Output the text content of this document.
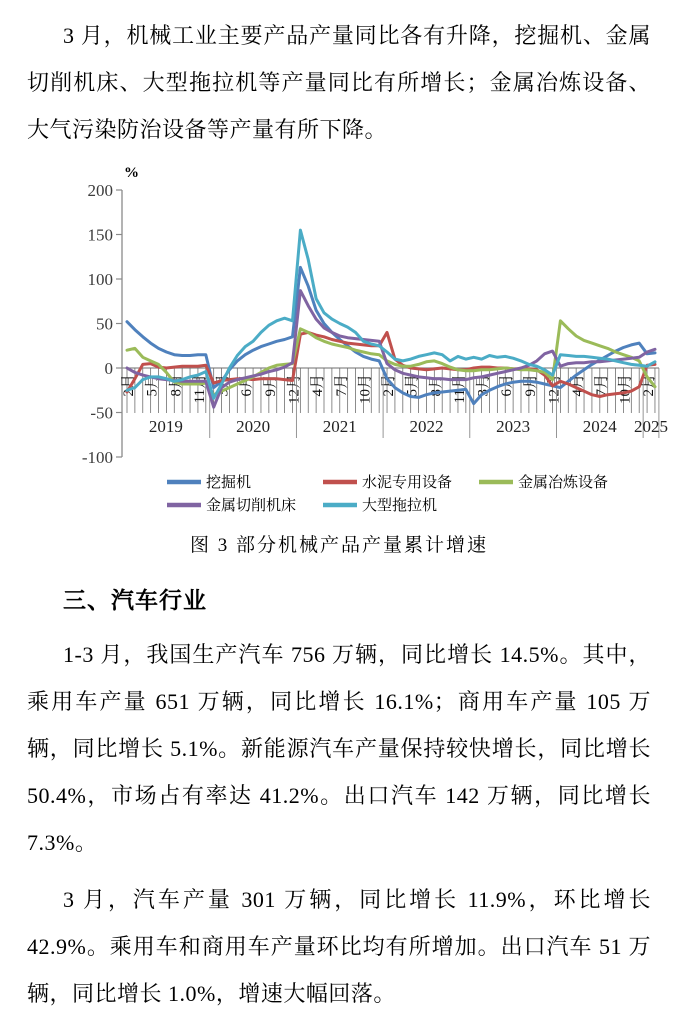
3 月，机械工业主要产品产量同比各有升降，挖掘机、金属切削机床、大型拖拉机等产量同比有所增长；金属冶炼设备、大气污染防治设备等产量有所下降。

200
150
100
50
0
-50
-100
%
2月 5月 8月 11月 3月 6月 9月 12月 4月 7月 10月 2月 5月 8月 11月 3月 6月 9月 12月 4月 7月 10月 2月
2019	2020	2021	2022	2023	2024 2025
挖掘机	水泥专用设备	金属冶炼设备
金属切削机床	大型拖拉机
图 3 部分机械产品产量累计增速
三、汽车行业

1-3 月，我国生产汽车 756 万辆，同比增长 14.5%。其中，乘用车产量 651 万辆，同比增长 16.1%；商用车产量 105 万辆，同比增长 5.1%。新能源汽车产量保持较快增长，同比增长 50.4%，市场占有率达 41.2%。出口汽车 142 万辆，同比增长 7.3%。

3 月，汽车产量 301 万辆，同比增长 11.9%，环比增长 42.9%。乘用车和商用车产量环比均有所增加。出口汽车 51 万辆，同比增长 1.0%，增速大幅回落。
